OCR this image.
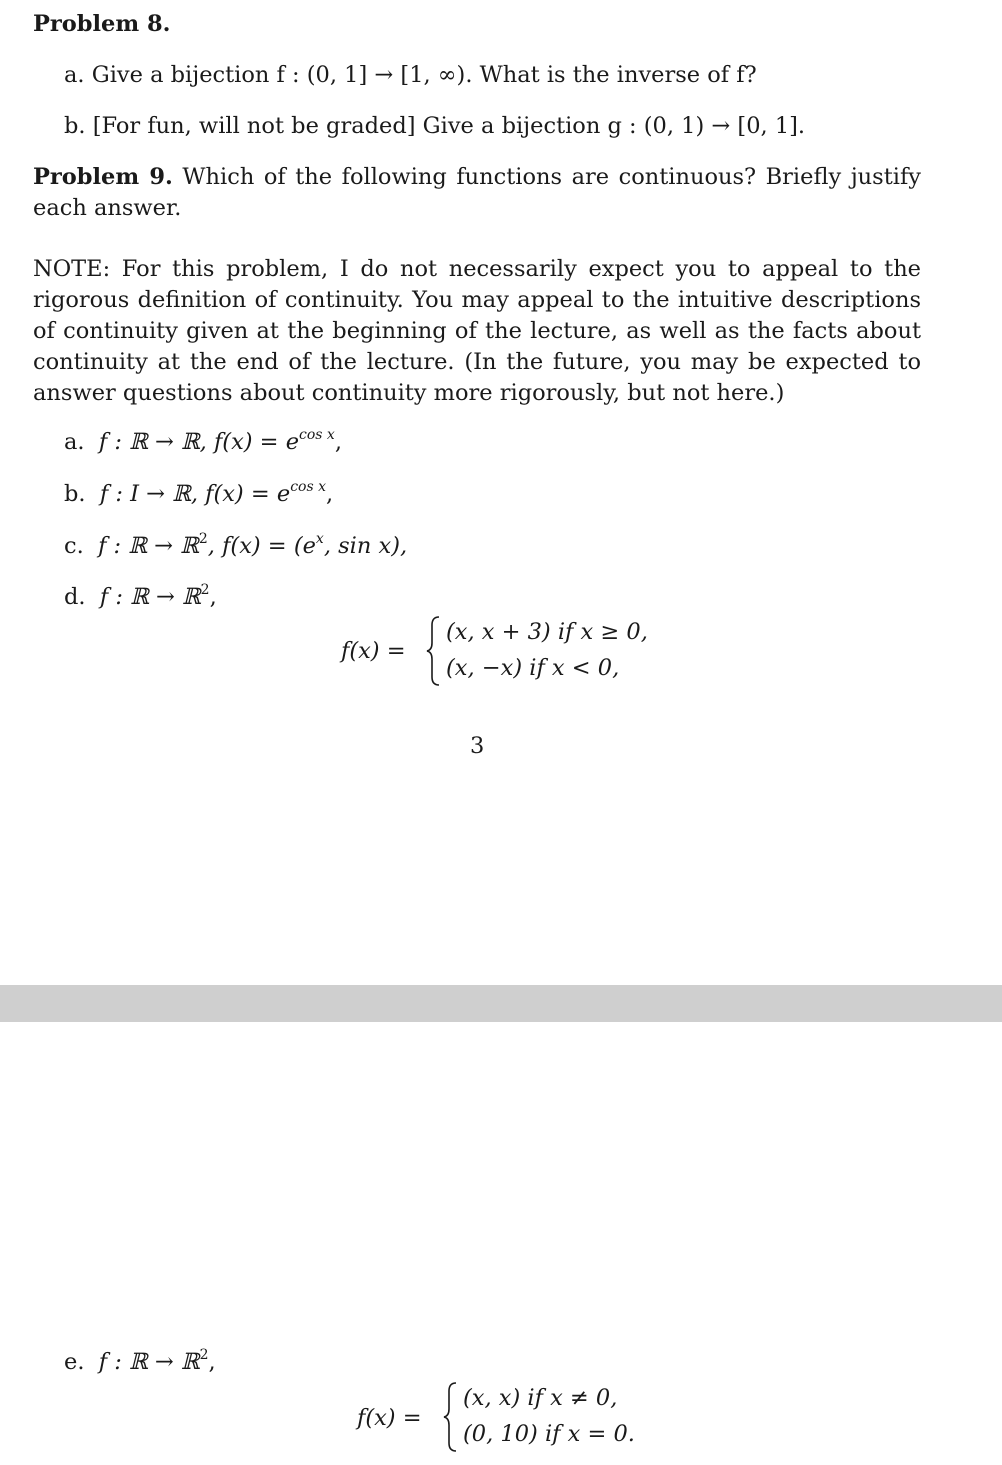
Problem 8.
a. Give a bijection f : (0, 1] → [1, ∞). What is the inverse of f?
b. [For fun, will not be graded] Give a bijection g : (0, 1) → [0, 1].
Problem 9. Which of the following functions are continuous? Briefly justify each answer.
NOTE: For this problem, I do not necessarily expect you to appeal to the rigorous definition of continuity. You may appeal to the intuitive descriptions of continuity given at the beginning of the lecture, as well as the facts about continuity at the end of the lecture. (In the future, you may be expected to answer questions about continuity more rigorously, but not here.)
a. f : ℝ → ℝ, $f(x) = e^{cos x}$,
b. f : I → ℝ, $f(x) = e^{cos x}$,
c. f : ℝ → ℝ$^2$, $f(x) = (e^x$, sin x),
d. f : ℝ → ℝ$^2$,
f(x) =
(x, x + 3) if x ≥ 0,
(x, −x) if x < 0,
3
e. f : ℝ → ℝ$^2$,
f(x) =
(x, x) if x ≠ 0,
(0, 10) if x = 0.
